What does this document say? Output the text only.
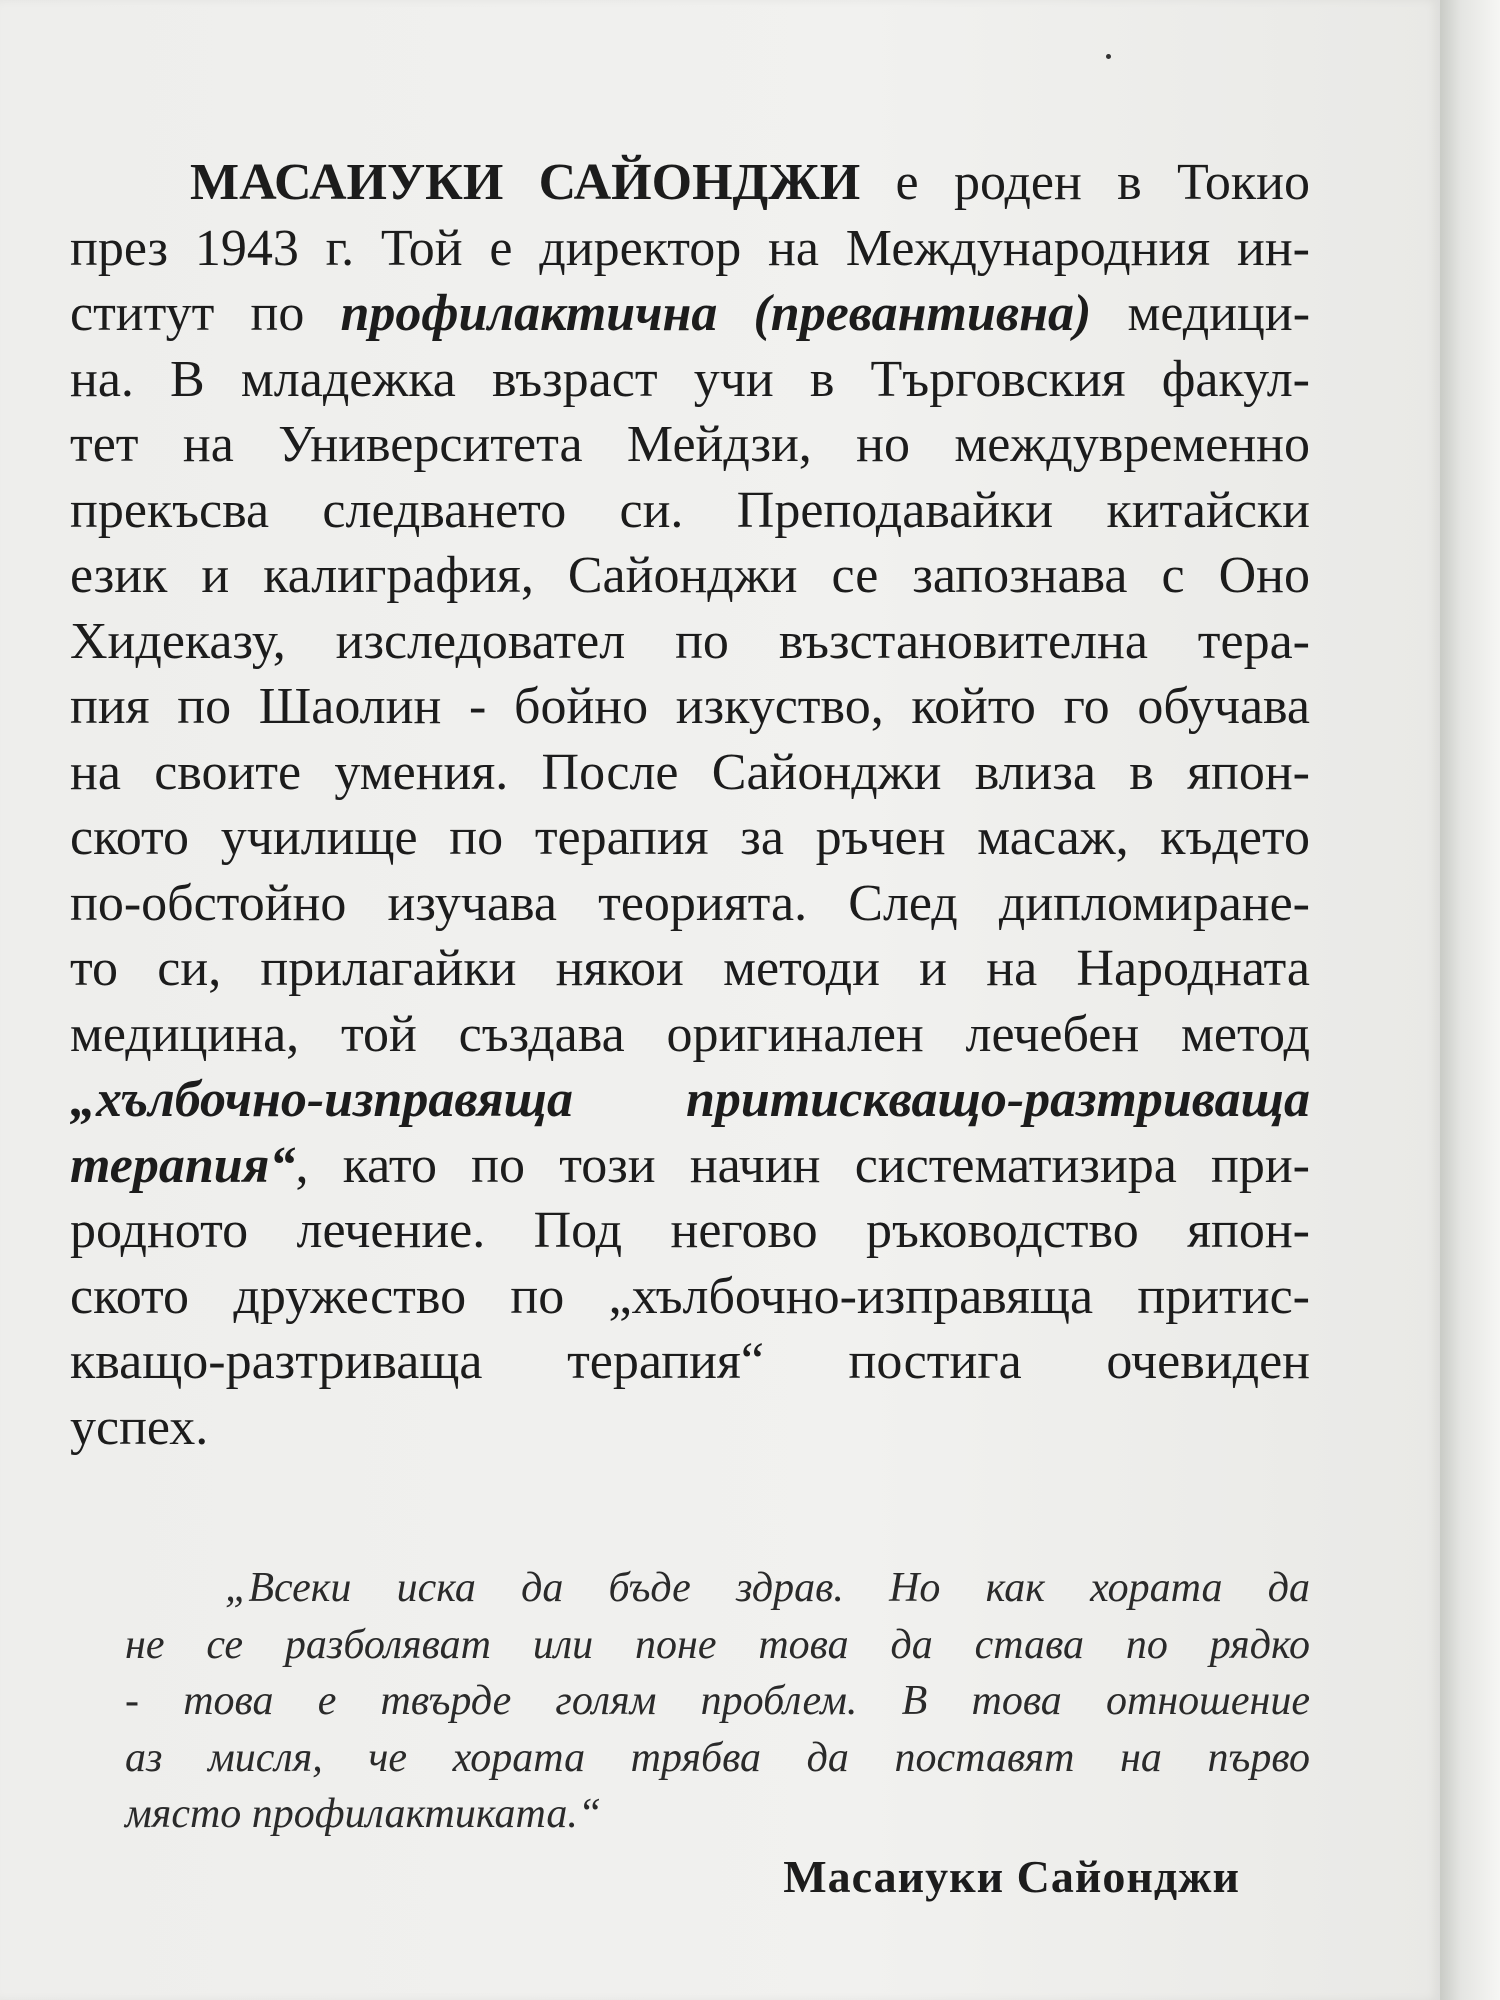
МАСАИУКИ САЙОНДЖИ е роден в Токио
през 1943 г. Той е директор на Международния ин-
ститут по профилактична (превантивна) медици-
на. В младежка възраст учи в Търговския факул-
тет на Университета Мейдзи, но междувременно
прекъсва следването си. Преподавайки китайски
език и калиграфия, Сайонджи се запознава с Оно
Хидеказу, изследовател по възстановителна тера-
пия по Шаолин - бойно изкуство, който го обучава
на своите умения. После Сайонджи влиза в япон-
ското училище по терапия за ръчен масаж, където
по-обстойно изучава теорията. След дипломиране-
то си, прилагайки някои методи и на Народната
медицина, той създава оригинален лечебен метод
„хълбочно-изправяща притискващо-разтриваща
терапия“, като по този начин систематизира при-
родното лечение. Под негово ръководство япон-
ското дружество по „хълбочно-изправяща притис-
кващо-разтриваща терапия“ постига очевиден
успех.
„Всеки иска да бъде здрав. Но как хората да
не се разболяват или поне това да става по рядко
- това е твърде голям проблем. В това отношение
аз мисля, че хората трябва да поставят на първо
място профилактиката.“
Масаиуки Сайонджи
